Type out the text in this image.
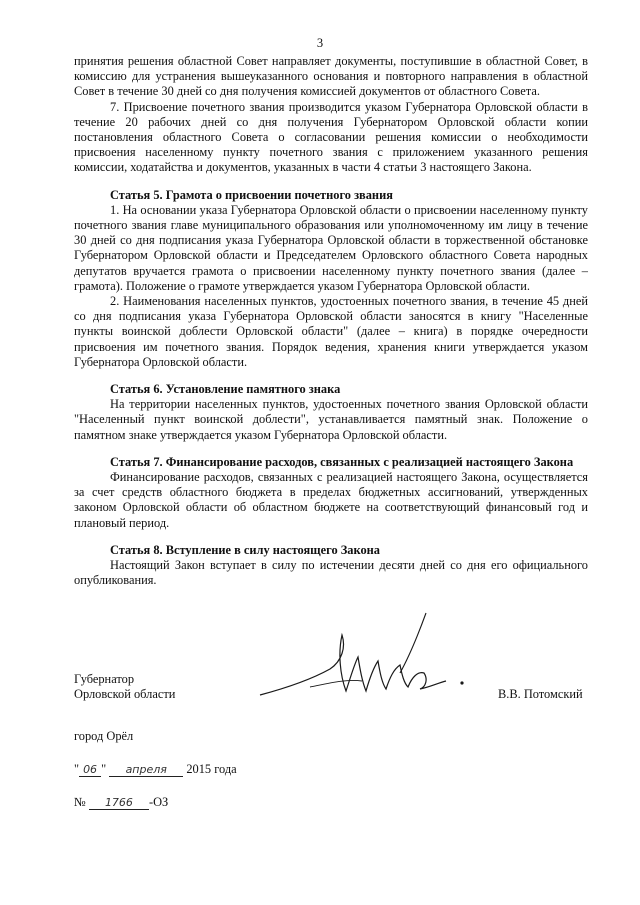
3

принятия решения областной Совет направляет документы, поступившие в областной Совет, в комиссию для устранения вышеуказанного основания и повторного направления в областной Совет в течение 30 дней со дня получения комиссией документов от областного Совета.

7. Присвоение почетного звания производится указом Губернатора Орловской области в течение 20 рабочих дней со дня получения Губернатором Орловской области копии постановления областного Совета о согласовании решения комиссии о необходимости присвоения населенному пункту почетного звания с приложением указанного решения комиссии, ходатайства и документов, указанных в части 4 статьи 3 настоящего Закона.

Статья 5. Грамота о присвоении почетного звания

1. На основании указа Губернатора Орловской области о присвоении населенному пункту почетного звания главе муниципального образования или уполномоченному им лицу в течение 30 дней со дня подписания указа Губернатора Орловской области в торжественной обстановке Губернатором Орловской области и Председателем Орловского областного Совета народных депутатов вручается грамота о присвоении населенному пункту почетного звания (далее – грамота). Положение о грамоте утверждается указом Губернатора Орловской области.

2. Наименования населенных пунктов, удостоенных почетного звания, в течение 45 дней со дня подписания указа Губернатора Орловской области заносятся в книгу "Населенные пункты воинской доблести Орловской области" (далее – книга) в порядке очередности присвоения им почетного звания. Порядок ведения, хранения книги утверждается указом Губернатора Орловской области.

Статья 6. Установление памятного знака

На территории населенных пунктов, удостоенных почетного звания Орловской области "Населенный пункт воинской доблести", устанавливается памятный знак. Положение о памятном знаке утверждается указом Губернатора Орловской области.

Статья 7. Финансирование расходов, связанных с реализацией настоящего Закона

Финансирование расходов, связанных с реализацией настоящего Закона, осуществляется за счет средств областного бюджета в пределах бюджетных ассигнований, утвержденных законом Орловской области об областном бюджете на соответствующий финансовый год и плановый период.

Статья 8. Вступление в силу настоящего Закона

Настоящий Закон вступает в силу по истечении десяти дней со дня его официального опубликования.

Губернатор
Орловской области	В.В. Потомский
город Орёл
" 06 " апреля 2015 года
№ 1766 -ОЗ
